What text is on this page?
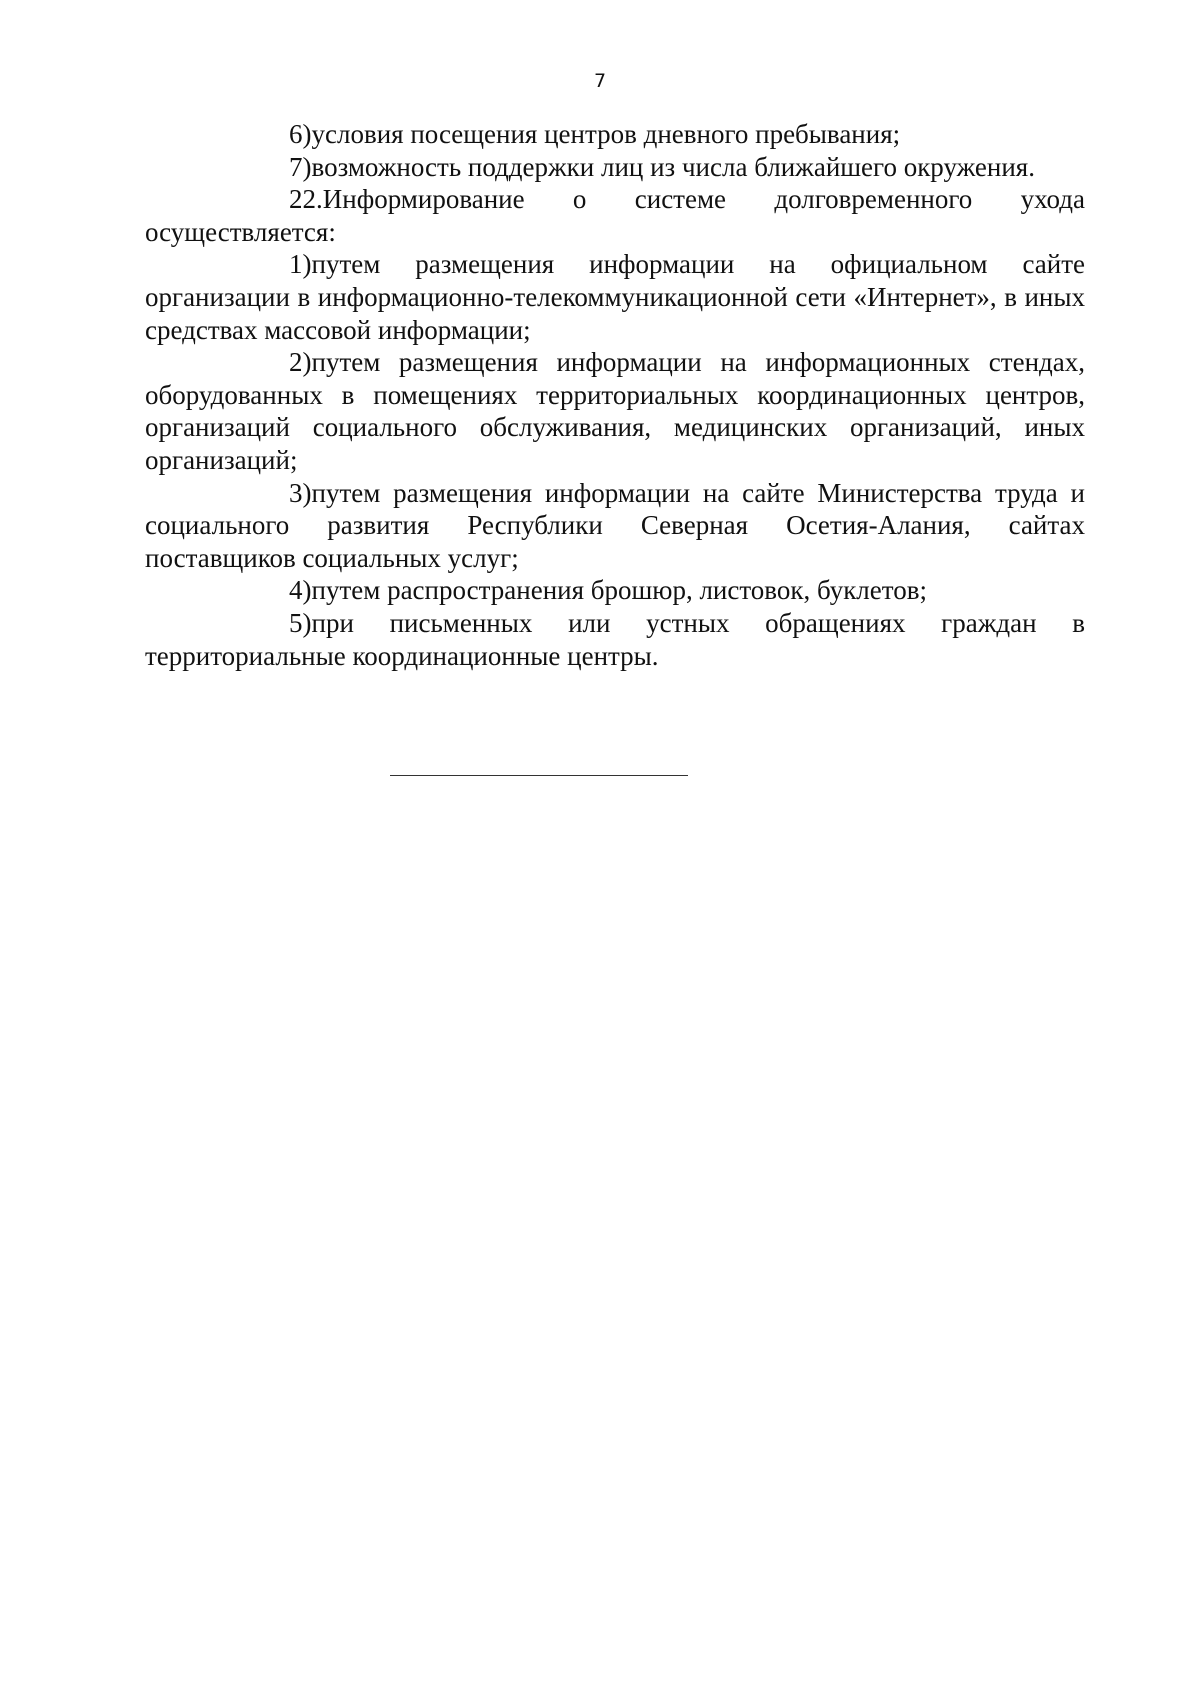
7

6)условия посещения центров дневного пребывания;

7)возможность поддержки лиц из числа ближайшего окружения.

22.Информирование о системе долговременного ухода осуществляется:

1)путем размещения информации на официальном сайте организации в информационно-телекоммуникационной сети «Интернет», в иных средствах массовой информации;

2)путем размещения информации на информационных стендах, оборудованных в помещениях территориальных координационных центров, организаций социального обслуживания, медицинских организаций, иных организаций;

3)путем размещения информации на сайте Министерства труда и социального развития Республики Северная Осетия-Алания, сайтах поставщиков социальных услуг;

4)путем распространения брошюр, листовок, буклетов;

5)при письменных или устных обращениях граждан в территориальные координационные центры.
